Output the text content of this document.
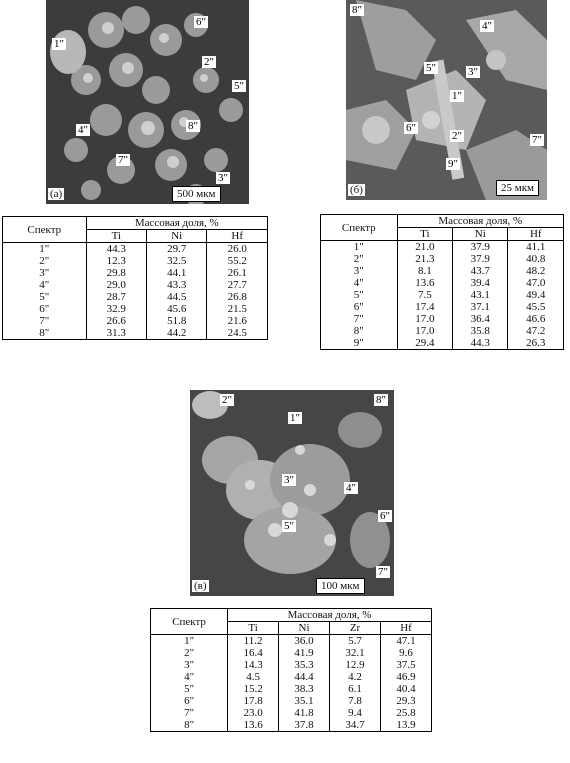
1"
2"
3"
4"
5"
6"
7"
8"
(a)	500 мкм
1"
2"
3"
4"
5"
6"
7"
8"
9"
(б)	25 мкм
Спектр	Массовая доля, %		
	Ti	Ni	Hf
1"	44.3	29.7	26.0
2"	12.3	32.5	55.2
3"	29.8	44.1	26.1
4"	29.0	43.3	27.7
5"	28.7	44.5	26.8
6"	32.9	45.6	21.5
7"	26.6	51.8	21.6
8"	31.3	44.2	24.5
Спектр	Массовая доля, %		
	Ti	Ni	Hf
1"	21.0	37.9	41.1
2"	21.3	37.9	40.8
3"	8.1	43.7	48.2
4"	13.6	39.4	47.0
5"	7.5	43.1	49.4
6"	17.4	37.1	45.5
7"	17.0	36.4	46.6
8"	17.0	35.8	47.2
9"	29.4	44.3	26.3
1"
2"
3"
4"
5"
6"
7"
8"
(в)	100 мкм
Спектр	Массовая доля, %			
	Ti	Ni	Zr	Hf
1"	11.2	36.0	5.7	47.1
2"	16.4	41.9	32.1	9.6
3"	14.3	35.3	12.9	37.5
4"	4.5	44.4	4.2	46.9
5"	15.2	38.3	6.1	40.4
6"	17.8	35.1	7.8	29.3
7"	23.0	41.8	9.4	25.8
8"	13.6	37.8	34.7	13.9
